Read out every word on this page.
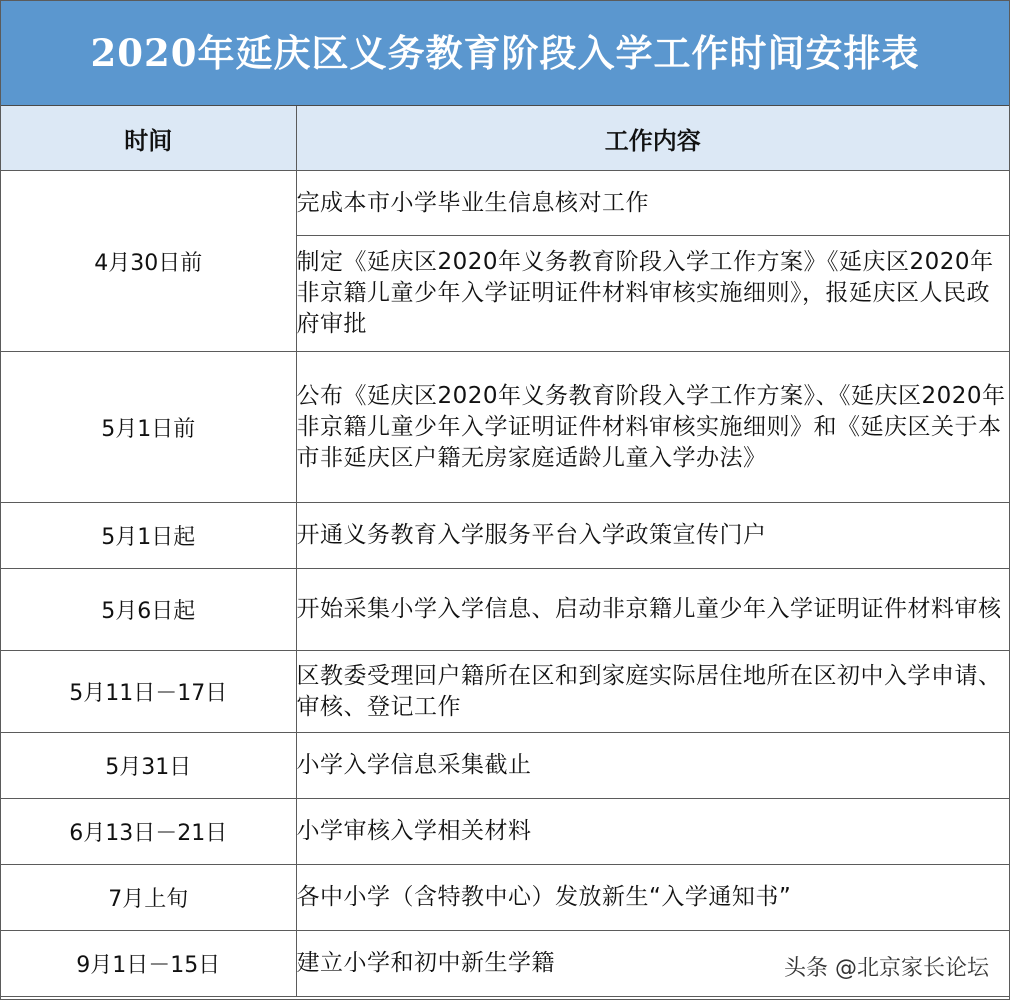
2020年延庆区义务教育阶段入学工作时间安排表
时间	工作内容
4月30日前	完成本市小学毕业生信息核对工作
	制定《延庆区2020年义务教育阶段入学工作方案》《延庆区2020年非京籍儿童少年入学证明证件材料审核实施细则》，报延庆区人民政府审批
5月1日前	公布《延庆区2020年义务教育阶段入学工作方案》、《延庆区2020年非京籍儿童少年入学证明证件材料审核实施细则》和《延庆区关于本市非延庆区户籍无房家庭适龄儿童入学办法》
5月1日起	开通义务教育入学服务平台入学政策宣传门户
5月6日起	开始采集小学入学信息、启动非京籍儿童少年入学证明证件材料审核
5月11日－17日	区教委受理回户籍所在区和到家庭实际居住地所在区初中入学申请、审核、登记工作
5月31日	小学入学信息采集截止
6月13日－21日	小学审核入学相关材料
7月上旬	各中小学（含特教中心）发放新生“入学通知书”
9月1日－15日	建立小学和初中新生学籍	头条 @北京家长论坛
